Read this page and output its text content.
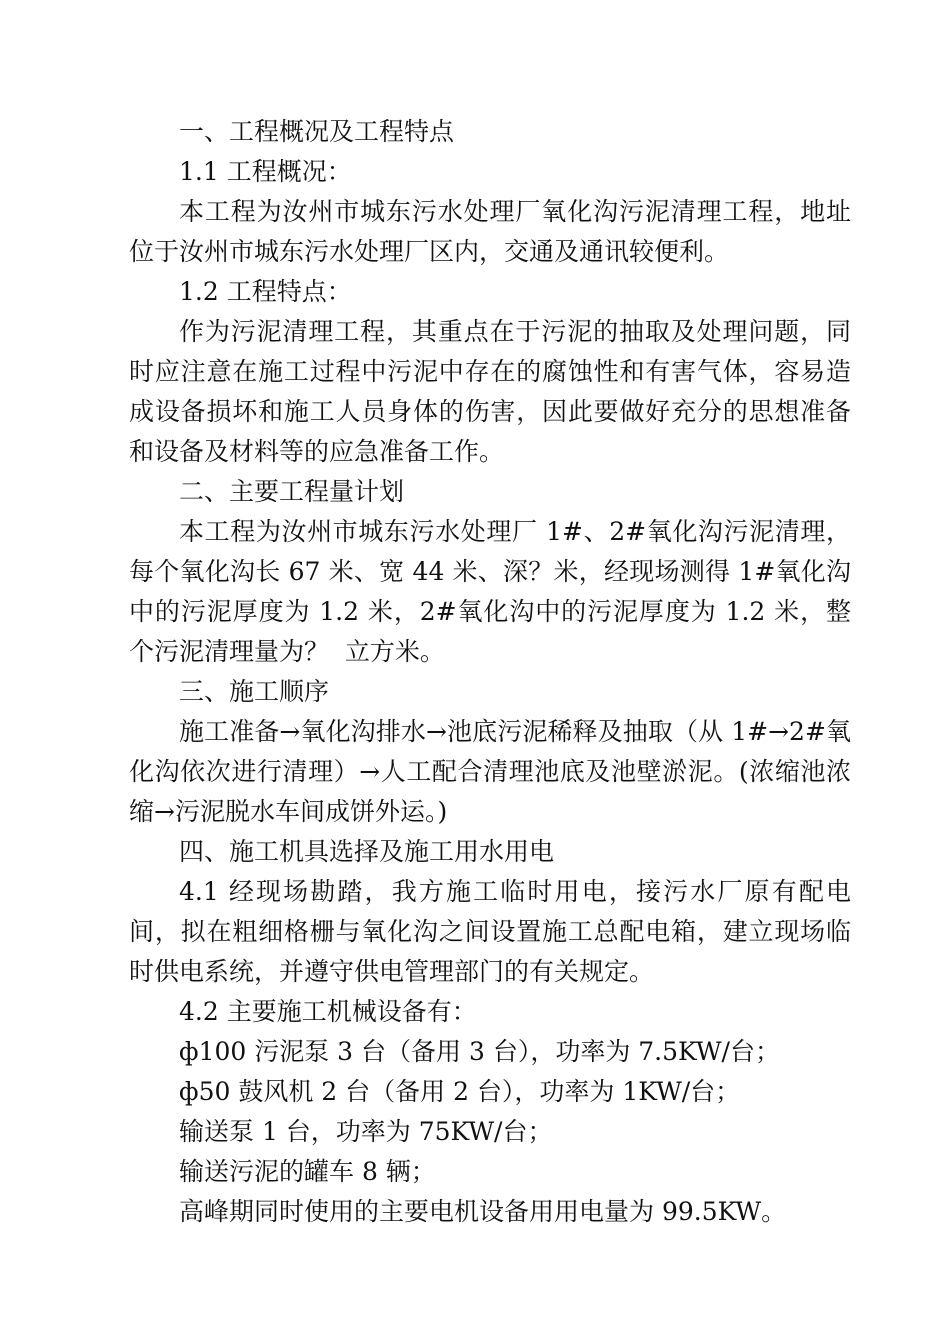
一、工程概况及工程特点

1.1 工程概况：

本工程为汝州市城东污水处理厂氧化沟污泥清理工程，地址位于汝州市城东污水处理厂区内，交通及通讯较便利。

1.2 工程特点：

作为污泥清理工程，其重点在于污泥的抽取及处理问题，同时应注意在施工过程中污泥中存在的腐蚀性和有害气体，容易造成设备损坏和施工人员身体的伤害，因此要做好充分的思想准备和设备及材料等的应急准备工作。

二、主要工程量计划

本工程为汝州市城东污水处理厂 1#、2#氧化沟污泥清理，每个氧化沟长 67 米、宽 44 米、深？米，经现场测得 1#氧化沟中的污泥厚度为 1.2 米，2#氧化沟中的污泥厚度为 1.2 米，整个污泥清理量为？  立方米。

三、施工顺序

施工准备→氧化沟排水→池底污泥稀释及抽取（从 1#→2#氧化沟依次进行清理）→人工配合清理池底及池壁淤泥。(浓缩池浓缩→污泥脱水车间成饼外运。)

四、施工机具选择及施工用水用电

4.1 经现场勘踏，我方施工临时用电，接污水厂原有配电间，拟在粗细格栅与氧化沟之间设置施工总配电箱，建立现场临时供电系统，并遵守供电管理部门的有关规定。

4.2 主要施工机械设备有：

ф100 污泥泵 3 台（备用 3 台），功率为 7.5KW/台；

ф50 鼓风机 2 台（备用 2 台），功率为 1KW/台；

输送泵 1 台，功率为 75KW/台；

输送污泥的罐车 8 辆；

高峰期同时使用的主要电机设备用用电量为 99.5KW。
